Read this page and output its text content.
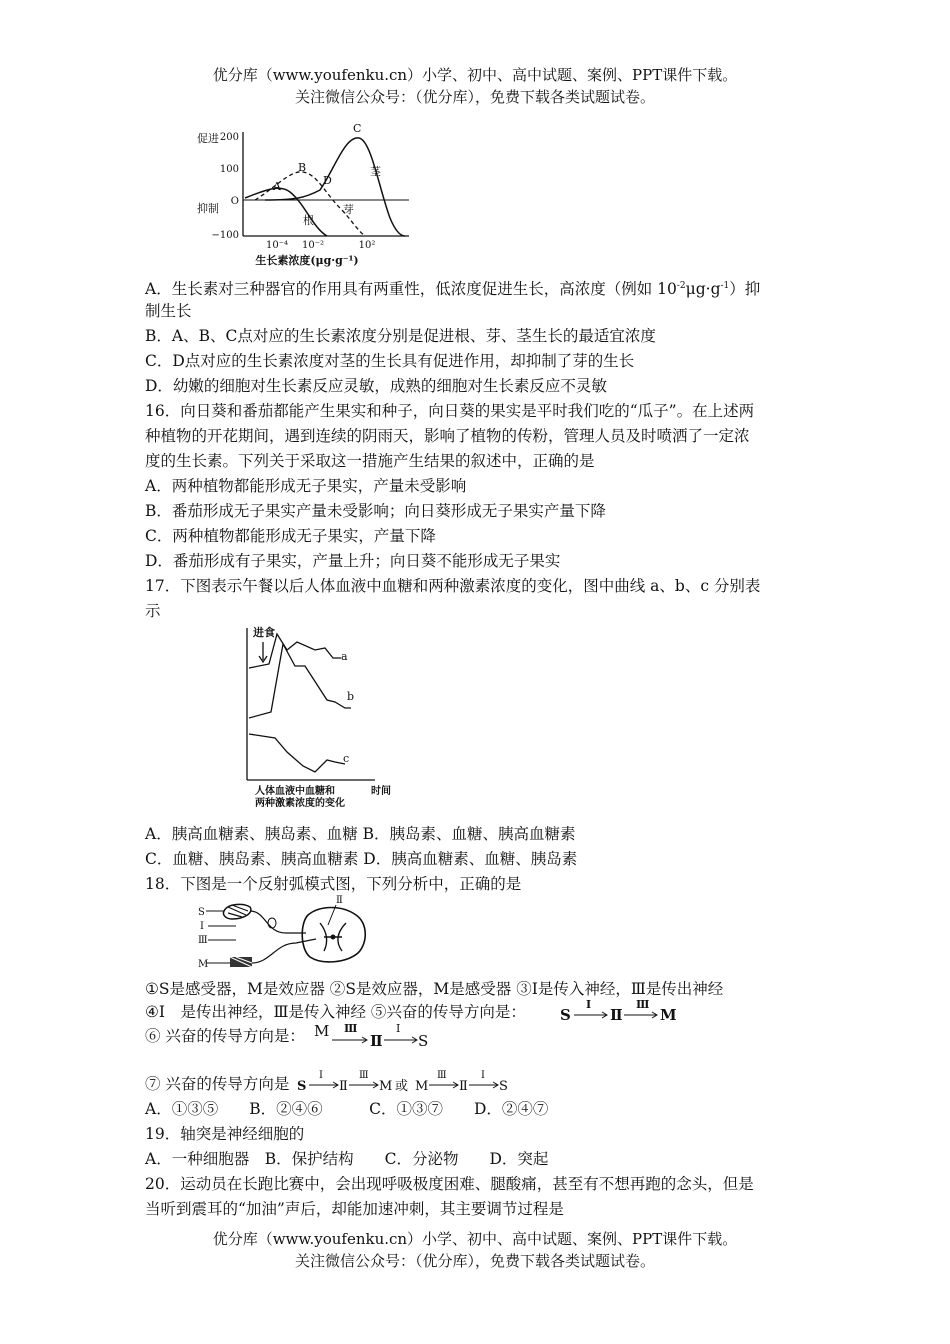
优分库（www.youfenku.cn）小学、初中、高中试题、案例、PPT课件下载。
关注微信公众号：（优分库），免费下载各类试题试卷。
促进
抑制
200
100
O
−100
10⁻⁴ 10⁻²	10²
生长素浓度(μg·g⁻¹)
A
B
C
D
茎
根
芽
A．生长素对三种器官的作用具有两重性，低浓度促进生长，高浓度（例如 $10^{-2}\mu g\cdot g^{-1}$）抑
制生长
B．A、B、C点对应的生长素浓度分别是促进根、芽、茎生长的最适宜浓度
C．D点对应的生长素浓度对茎的生长具有促进作用，却抑制了芽的生长
D．幼嫩的细胞对生长素反应灵敏，成熟的细胞对生长素反应不灵敏
16．向日葵和番茄都能产生果实和种子，向日葵的果实是平时我们吃的“瓜子”。在上述两
种植物的开花期间，遇到连续的阴雨天，影响了植物的传粉，管理人员及时喷洒了一定浓
度的生长素。下列关于采取这一措施产生结果的叙述中，正确的是
A．两种植物都能形成无子果实，产量未受影响
B．番茄形成无子果实产量未受影响；向日葵形成无子果实产量下降
C．两种植物都能形成无子果实，产量下降
D．番茄形成有子果实，产量上升；向日葵不能形成无子果实
17．下图表示午餐以后人体血液中血糖和两种激素浓度的变化，图中曲线 a、b、c 分别表
示
进食
a
b
c
人体血液中血糖和
两种激素浓度的变化
时间
A．胰高血糖素、胰岛素、血糖 B．胰岛素、血糖、胰高血糖素
C．血糖、胰岛素、胰高血糖素 D．胰高血糖素、血糖、胰岛素
18．下图是一个反射弧模式图，下列分析中，正确的是
S
I
Ⅲ
M
Ⅱ
①S是感受器，M是效应器 ②S是效应器，M是感受器 ③Ⅰ是传入神经，Ⅲ是传出神经
④Ⅰ　是传出神经，Ⅲ是传入神经 ⑤兴奋的传导方向是： S
Ⅰ
Ⅱ
Ⅲ
M
⑥ 兴奋的传导方向是： M Ⅲ
Ⅱ
Ⅰ
S
⑦ 兴奋的传导方向是 S
Ⅰ
Ⅱ
Ⅲ
M 或 M
Ⅲ
Ⅱ
Ⅰ
S
A．①③⑤　　B．②④⑥　　　C．①③⑦　　D．②④⑦
19．轴突是神经细胞的
A．一种细胞器　B．保护结构　　C．分泌物　　D．突起
20．运动员在长跑比赛中，会出现呼吸极度困难、腿酸痛，甚至有不想再跑的念头，但是
当听到震耳的“加油”声后，却能加速冲刺，其主要调节过程是
优分库（www.youfenku.cn）小学、初中、高中试题、案例、PPT课件下载。
关注微信公众号：（优分库），免费下载各类试题试卷。
